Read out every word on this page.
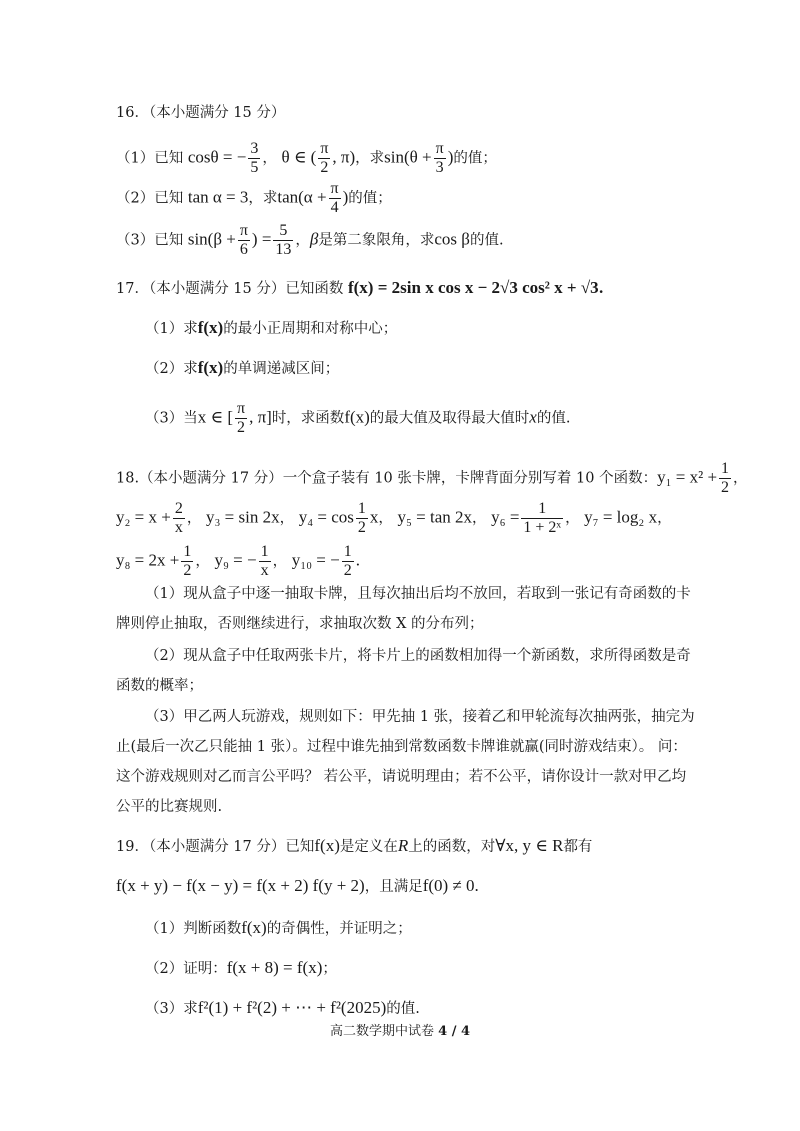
16．（本小题满分 15 分）
（1）已知 cosθ = − $\frac{3}{5}$ ， θ ∈ ( $\frac{\pi}{2}$ , π)，求$\sin(\theta + \frac{\pi}{3}$ )的值；
（2）已知 tan α = 3，求$\tan(\alpha + \frac{\pi}{4}$ )的值；
（3）已知 $\sin(\beta + \frac{\pi}{6}$ ) = $\frac{5}{13}$ ，β是第二象限角，求cos β的值.
17．（本小题满分 15 分）已知函数 f(x) = 2sin x cos x − 2√3 cos² x + √3.
（1）求f(x)的最小正周期和对称中心；
（2）求f(x)的单调递减区间；
（3）当x ∈ [ $\frac{\pi}{2}$ , π]时，求函数f(x)的最大值及取得最大值时x的值.
18.（本小题满分 17 分）一个盒子装有 10 张卡牌，卡牌背面分别写着 10 个函数：$y_1 = x^2 + \frac{1}{2}$ ，
$y_2 = x + \frac{2}{x}$ ， y₃ = sin 2x， $y_4 = \cos \frac{1}{2}$ x， y₅ = tan 2x， $y_6 = \frac{1}{\text{1 + 2ˣ}}$ ， y₇ = log₂ x，
$y_8 = 2x + \frac{1}{2}$ ， y₉ = − $\frac{1}{x}$ ， y₁₀ = − $\frac{1}{2}$ .
（1）现从盒子中逐一抽取卡牌，且每次抽出后均不放回，若取到一张记有奇函数的卡
牌则停止抽取，否则继续进行，求抽取次数 X 的分布列；
（2）现从盒子中任取两张卡片，将卡片上的函数相加得一个新函数，求所得函数是奇
函数的概率；
（3）甲乙两人玩游戏，规则如下：甲先抽 1 张，接着乙和甲轮流每次抽两张，抽完为
止(最后一次乙只能抽 1 张）。过程中谁先抽到常数函数卡牌谁就赢(同时游戏结束）。 问：
这个游戏规则对乙而言公平吗？ 若公平，请说明理由；若不公平，请你设计一款对甲乙均
公平的比赛规则.
19．（本小题满分 17 分）已知f(x)是定义在R上的函数，对∀x, y ∈ R都有
f(x + y) − f(x − y) = f(x + 2) f(y + 2)，且满足f(0) ≠ 0.
（1）判断函数f(x)的奇偶性，并证明之；
（2）证明：f(x + 8) = f(x)；
（3）求f²(1) + f²(2) + ⋯ + f²(2025)的值.
高二数学期中试卷 4 / 4
